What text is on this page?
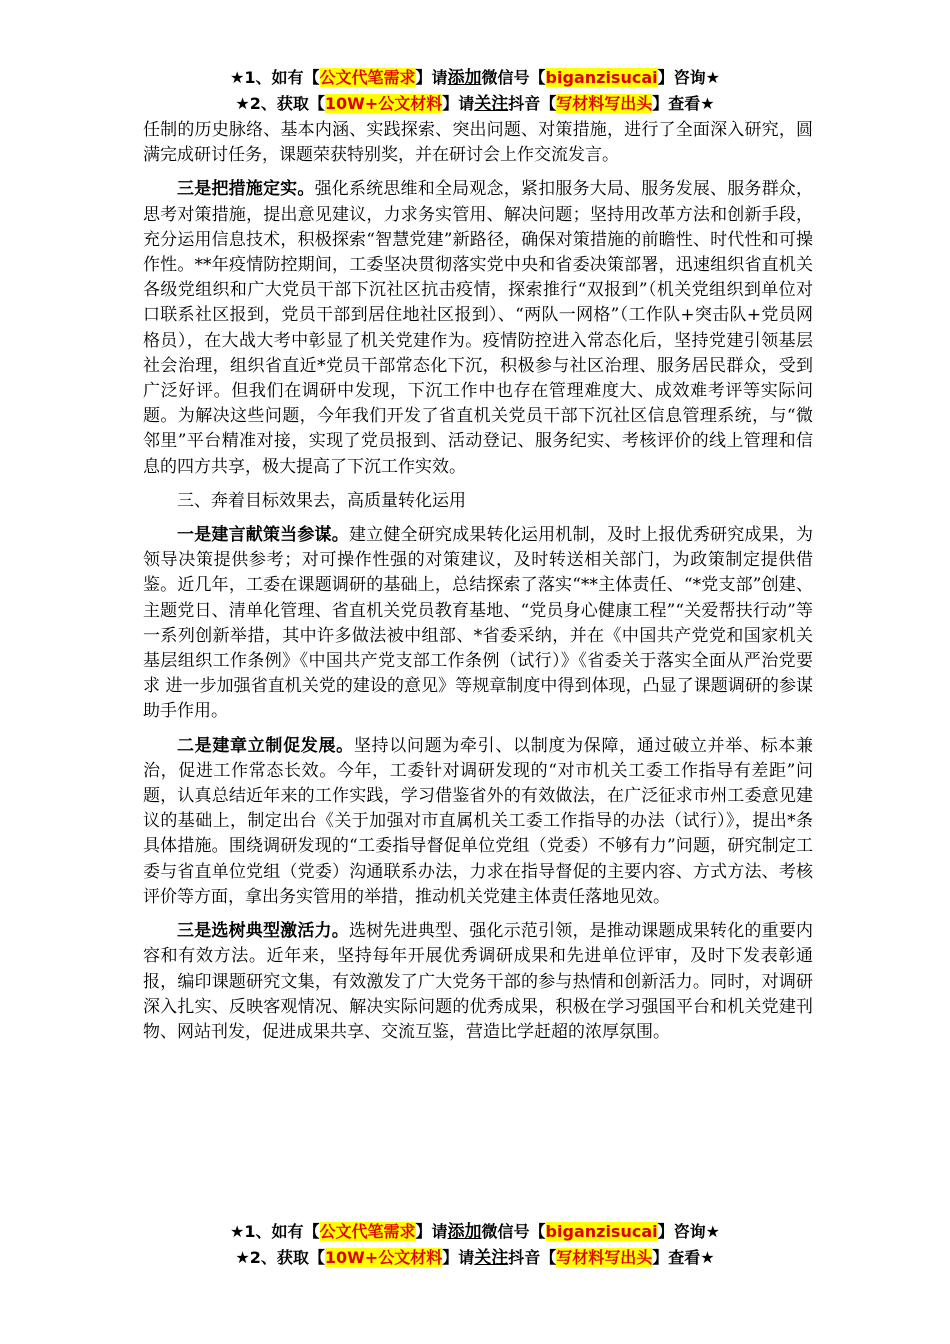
★1、如有【公文代笔需求】请添加微信号【biganzisucai】咨询★
★2、获取【10W+公文材料】请关注抖音【写材料写出头】查看★

任制的历史脉络、基本内涵、实践探索、突出问题、对策措施，进行了全面深入研究，圆满完成研讨任务，课题荣获特别奖，并在研讨会上作交流发言。

三是把措施定实。强化系统思维和全局观念，紧扣服务大局、服务发展、服务群众，思考对策措施，提出意见建议，力求务实管用、解决问题；坚持用改革方法和创新手段，充分运用信息技术，积极探索“智慧党建”新路径，确保对策措施的前瞻性、时代性和可操作性。**年疫情防控期间，工委坚决贯彻落实党中央和省委决策部署，迅速组织省直机关各级党组织和广大党员干部下沉社区抗击疫情，探索推行“双报到”（机关党组织到单位对口联系社区报到，党员干部到居住地社区报到）、“两队一网格”（工作队+突击队+党员网格员），在大战大考中彰显了机关党建作为。疫情防控进入常态化后，坚持党建引领基层社会治理，组织省直近*党员干部常态化下沉，积极参与社区治理、服务居民群众，受到广泛好评。但我们在调研中发现，下沉工作中也存在管理难度大、成效难考评等实际问题。为解决这些问题，今年我们开发了省直机关党员干部下沉社区信息管理系统，与“微邻里”平台精准对接，实现了党员报到、活动登记、服务纪实、考核评价的线上管理和信息的四方共享，极大提高了下沉工作实效。

三、奔着目标效果去，高质量转化运用

一是建言献策当参谋。建立健全研究成果转化运用机制，及时上报优秀研究成果，为领导决策提供参考；对可操作性强的对策建议，及时转送相关部门，为政策制定提供借鉴。近几年，工委在课题调研的基础上，总结探索了落实“**主体责任、“*党支部”创建、主题党日、清单化管理、省直机关党员教育基地、“党员身心健康工程”“关爱帮扶行动”等一系列创新举措，其中许多做法被中组部、*省委采纳，并在《中国共产党党和国家机关基层组织工作条例》《中国共产党支部工作条例（试行）》《省委关于落实全面从严治党要求 进一步加强省直机关党的建设的意见》等规章制度中得到体现，凸显了课题调研的参谋助手作用。

二是建章立制促发展。坚持以问题为牵引、以制度为保障，通过破立并举、标本兼治，促进工作常态长效。今年，工委针对调研发现的“对市机关工委工作指导有差距”问题，认真总结近年来的工作实践，学习借鉴省外的有效做法，在广泛征求市州工委意见建议的基础上，制定出台《关于加强对市直属机关工委工作指导的办法（试行）》，提出*条具体措施。围绕调研发现的“工委指导督促单位党组（党委）不够有力”问题，研究制定工委与省直单位党组（党委）沟通联系办法，力求在指导督促的主要内容、方式方法、考核评价等方面，拿出务实管用的举措，推动机关党建主体责任落地见效。

三是选树典型激活力。选树先进典型、强化示范引领，是推动课题成果转化的重要内容和有效方法。近年来，坚持每年开展优秀调研成果和先进单位评审，及时下发表彰通报，编印课题研究文集，有效激发了广大党务干部的参与热情和创新活力。同时，对调研深入扎实、反映客观情况、解决实际问题的优秀成果，积极在学习强国平台和机关党建刊物、网站刊发，促进成果共享、交流互鉴，营造比学赶超的浓厚氛围。

★1、如有【公文代笔需求】请添加微信号【biganzisucai】咨询★
★2、获取【10W+公文材料】请关注抖音【写材料写出头】查看★
